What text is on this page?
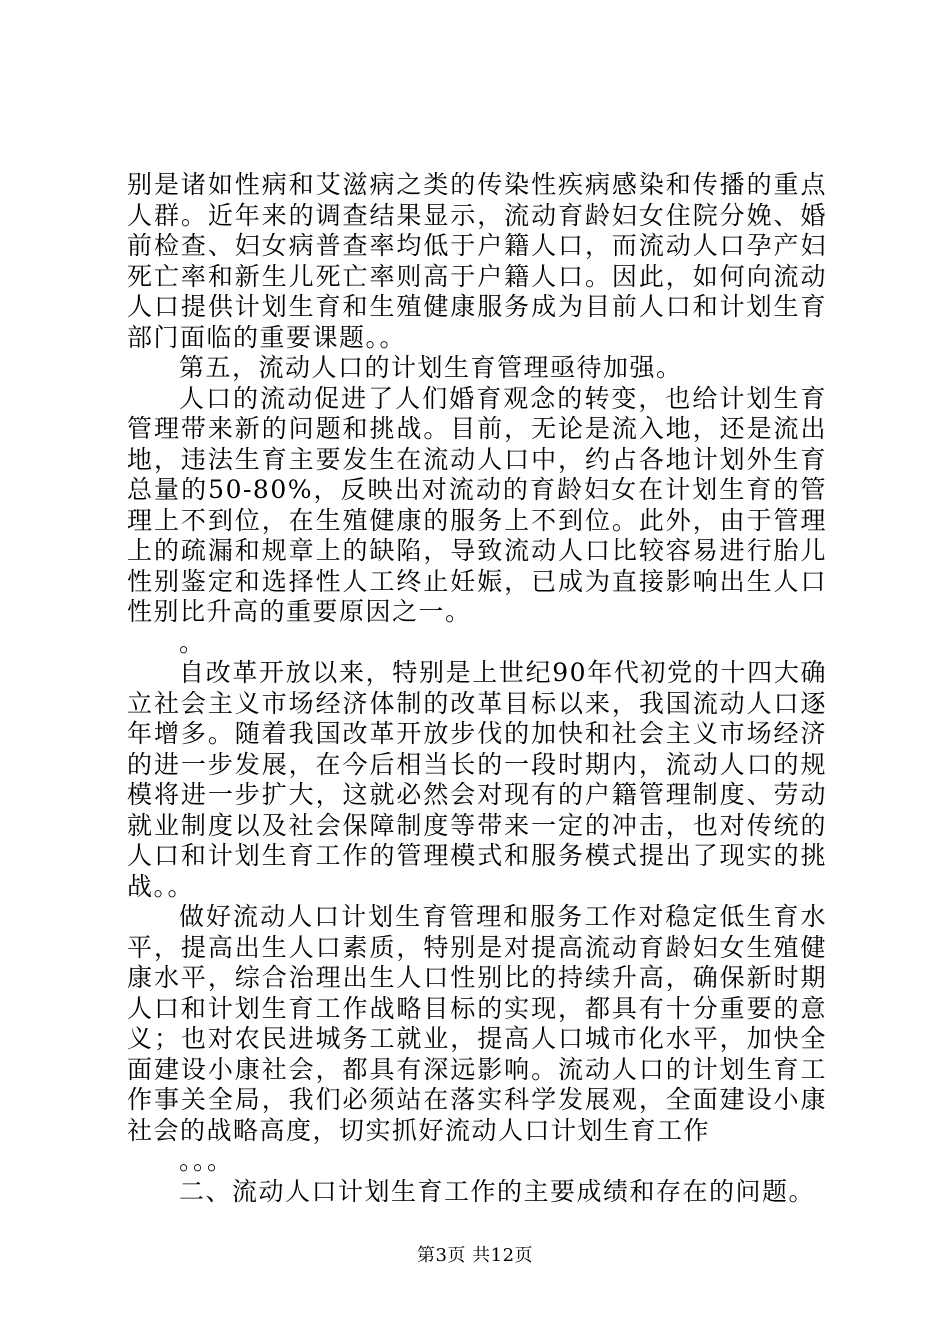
别是诸如性病和艾滋病之类的传染性疾病感染和传播的重点人群。近年来的调查结果显示，流动育龄妇女住院分娩、婚前检查、妇女病普查率均低于户籍人口，而流动人口孕产妇死亡率和新生儿死亡率则高于户籍人口。因此，如何向流动人口提供计划生育和生殖健康服务成为目前人口和计划生育部门面临的重要课题。。

第五，流动人口的计划生育管理亟待加强。

人口的流动促进了人们婚育观念的转变，也给计划生育管理带来新的问题和挑战。目前，无论是流入地，还是流出地，违法生育主要发生在流动人口中，约占各地计划外生育总量的50-80%，反映出对流动的育龄妇女在计划生育的管理上不到位，在生殖健康的服务上不到位。此外，由于管理上的疏漏和规章上的缺陷，导致流动人口比较容易进行胎儿性别鉴定和选择性人工终止妊娠，已成为直接影响出生人口性别比升高的重要原因之一。

。

自改革开放以来，特别是上世纪90年代初党的十四大确立社会主义市场经济体制的改革目标以来，我国流动人口逐年增多。随着我国改革开放步伐的加快和社会主义市场经济的进一步发展，在今后相当长的一段时期内，流动人口的规模将进一步扩大，这就必然会对现有的户籍管理制度、劳动就业制度以及社会保障制度等带来一定的冲击，也对传统的人口和计划生育工作的管理模式和服务模式提出了现实的挑战。。

做好流动人口计划生育管理和服务工作对稳定低生育水平，提高出生人口素质，特别是对提高流动育龄妇女生殖健康水平，综合治理出生人口性别比的持续升高，确保新时期人口和计划生育工作战略目标的实现，都具有十分重要的意义；也对农民进城务工就业，提高人口城市化水平，加快全面建设小康社会，都具有深远影响。流动人口的计划生育工作事关全局，我们必须站在落实科学发展观，全面建设小康社会的战略高度，切实抓好流动人口计划生育工作

。。。

二、流动人口计划生育工作的主要成绩和存在的问题。

第3页 共12页
